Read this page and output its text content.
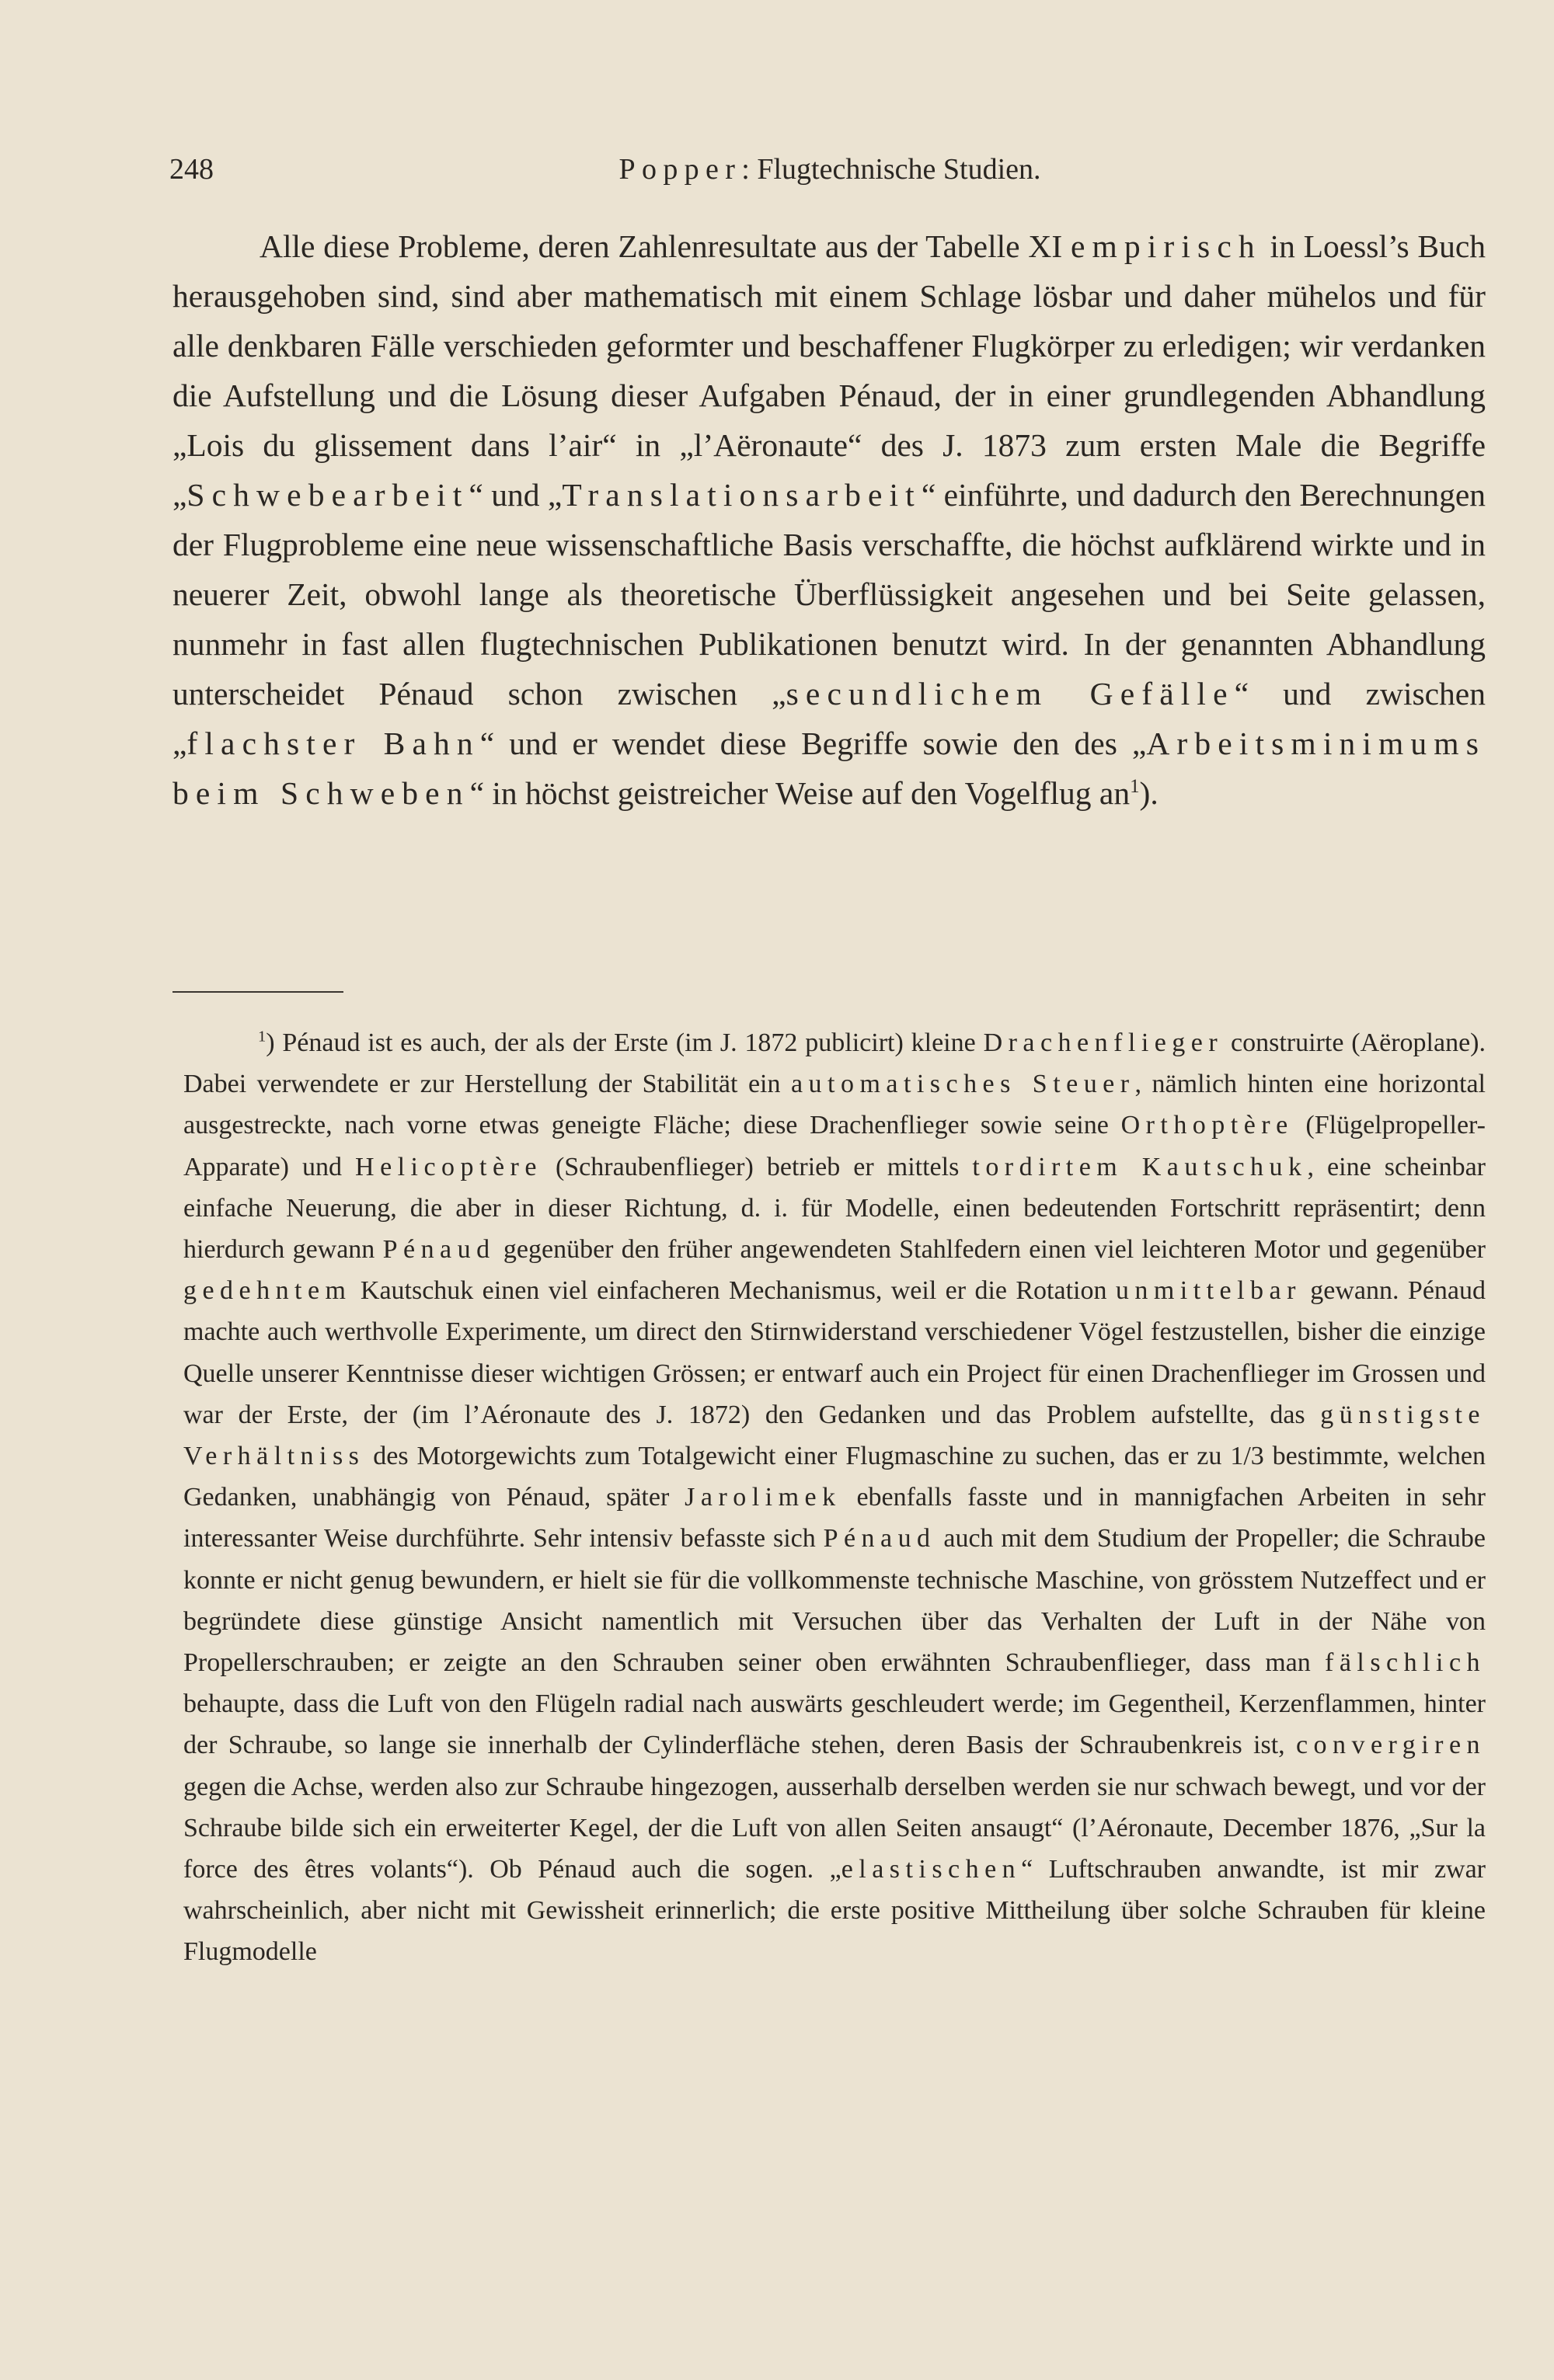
248	Popper: Flugtechnische Studien.

Alle diese Probleme, deren Zahlenresultate aus der Tabelle XI empirisch in Loessl’s Buch herausgehoben sind, sind aber mathematisch mit einem Schlage lösbar und daher mühelos und für alle denkbaren Fälle verschieden geformter und beschaffener Flugkörper zu erledigen; wir verdanken die Aufstellung und die Lösung dieser Aufgaben Pénaud, der in einer grundlegenden Abhandlung „Lois du glissement dans l’air“ in „l’Aëronaute“ des J. 1873 zum ersten Male die Begriffe „Schwebearbeit“ und „Translationsarbeit“ einführte, und dadurch den Berechnungen der Flugprobleme eine neue wissenschaftliche Basis verschaffte, die höchst aufklärend wirkte und in neuerer Zeit, obwohl lange als theoretische Überflüssigkeit angesehen und bei Seite gelassen, nunmehr in fast allen flugtechnischen Publikationen benutzt wird. In der genannten Abhandlung unterscheidet Pénaud schon zwischen „secundlichem Gefälle“ und zwischen „flachster Bahn“ und er wendet diese Begriffe sowie den des „Arbeitsminimums beim Schweben“ in höchst geistreicher Weise auf den Vogelflug $an^1$).

$^1$) Pénaud ist es auch, der als der Erste (im J. 1872 publicirt) kleine Drachenflieger construirte (Aëroplane). Dabei verwendete er zur Herstellung der Stabilität ein automatisches Steuer, nämlich hinten eine horizontal ausgestreckte, nach vorne etwas geneigte Fläche; diese Drachenflieger sowie seine Orthoptère (Flügelpropeller-Apparate) und Helicoptère (Schraubenflieger) betrieb er mittels tordirtem Kautschuk, eine scheinbar einfache Neuerung, die aber in dieser Richtung, d. i. für Modelle, einen bedeutenden Fortschritt repräsentirt; denn hierdurch gewann Pénaud gegenüber den früher angewendeten Stahlfedern einen viel leichteren Motor und gegenüber gedehntem Kautschuk einen viel einfacheren Mechanismus, weil er die Rotation unmittelbar gewann. Pénaud machte auch werthvolle Experimente, um direct den Stirnwiderstand verschiedener Vögel festzustellen, bisher die einzige Quelle unserer Kenntnisse dieser wichtigen Grössen; er entwarf auch ein Project für einen Drachenflieger im Grossen und war der Erste, der (im l’Aéronaute des J. 1872) den Gedanken und das Problem aufstellte, das günstigste Verhältniss des Motorgewichts zum Totalgewicht einer Flugmaschine zu suchen, das er zu 1/3 bestimmte, welchen Gedanken, unabhängig von Pénaud, später Jarolimek ebenfalls fasste und in mannigfachen Arbeiten in sehr interessanter Weise durchführte. Sehr intensiv befasste sich Pénaud auch mit dem Studium der Propeller; die Schraube konnte er nicht genug bewundern, er hielt sie für die vollkommenste technische Maschine, von grösstem Nutzeffect und er begründete diese günstige Ansicht namentlich mit Versuchen über das Verhalten der Luft in der Nähe von Propellerschrauben; er zeigte an den Schrauben seiner oben erwähnten Schraubenflieger, dass man fälschlich behaupte, dass die Luft von den Flügeln radial nach auswärts geschleudert werde; im Gegentheil, Kerzenflammen, hinter der Schraube, so lange sie innerhalb der Cylinderfläche stehen, deren Basis der Schraubenkreis ist, convergiren gegen die Achse, werden also zur Schraube hingezogen, ausserhalb derselben werden sie nur schwach bewegt, und vor der Schraube bilde sich ein erweiterter Kegel, der die Luft von allen Seiten ansaugt“ (l’Aéronaute, December 1876, „Sur la force des êtres volants“). Ob Pénaud auch die sogen. „elastischen“ Luftschrauben anwandte, ist mir zwar wahrscheinlich, aber nicht mit Gewissheit erinnerlich; die erste positive Mittheilung über solche Schrauben für kleine Flugmodelle
